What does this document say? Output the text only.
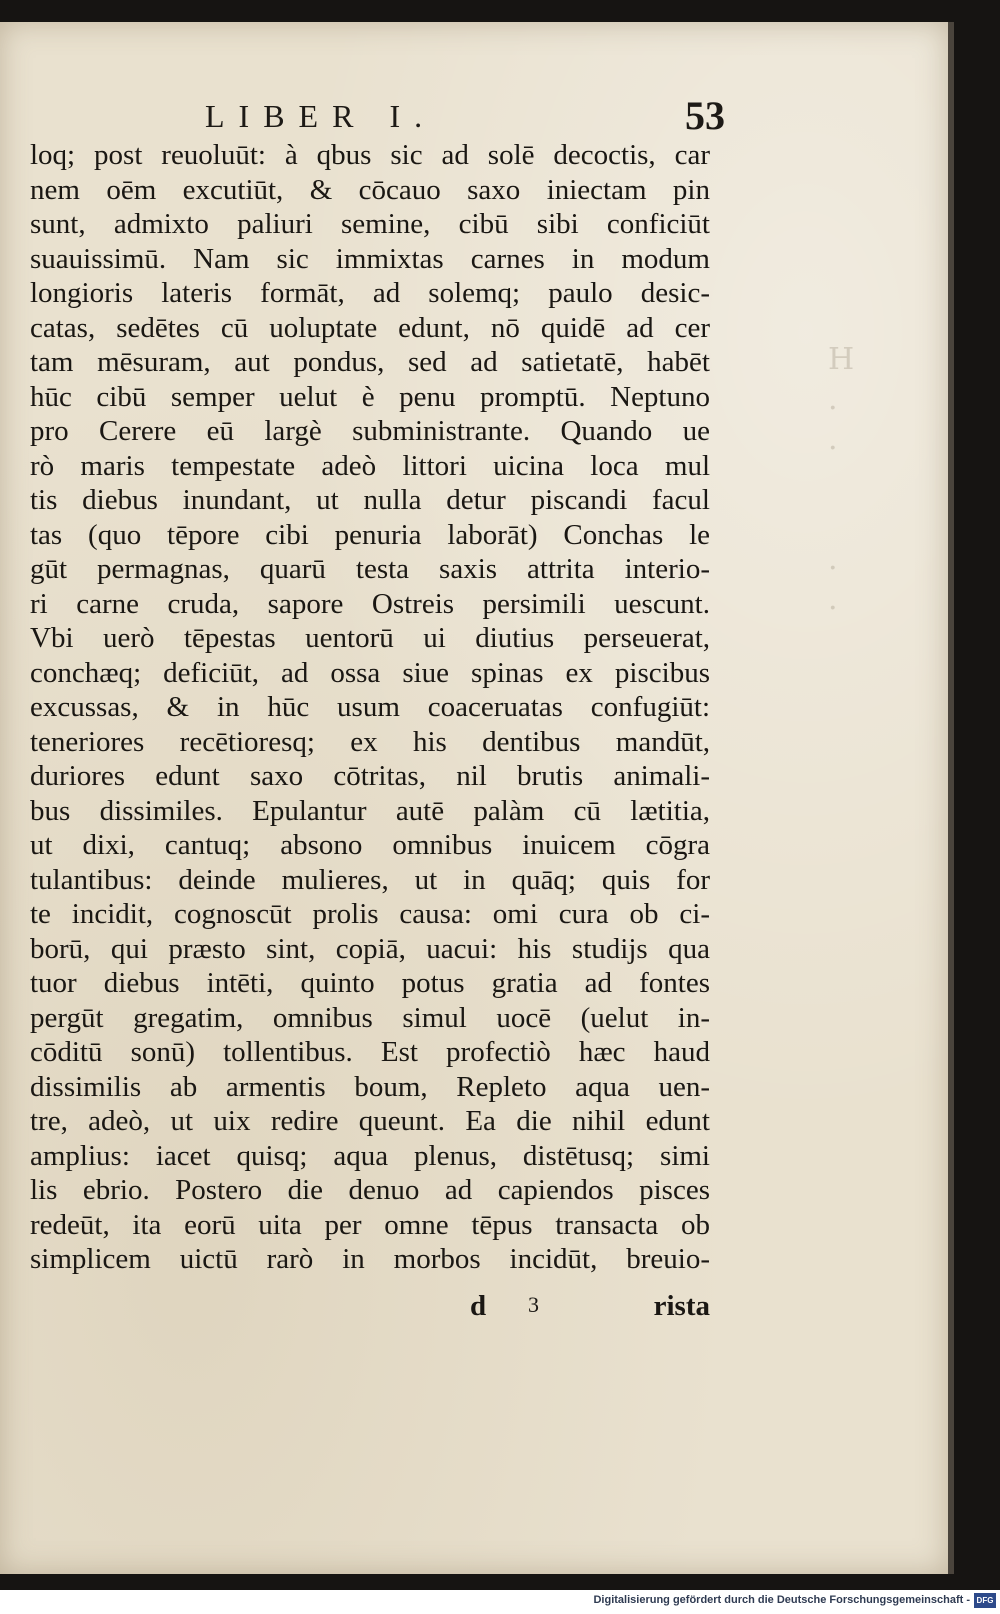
H
.
.

.
.
LIBER I.	53
loq; post reuoluūt: à qbus sic ad solē decoctis, car
nem oēm excutiūt, & cōcauo saxo iniectam pin
sunt, admixto paliuri semine, cibū sibi conficiūt
suauissimū. Nam sic immixtas carnes in modum
longioris lateris formāt, ad solemq; paulo desic-
catas, sedētes cū uoluptate edunt, nō quidē ad cer
tam mēsuram, aut pondus, sed ad satietatē, habēt
hūc cibū semper uelut è penu promptū. Neptuno
pro Cerere eū largè subministrante. Quando ue
rò maris tempestate adeò littori uicina loca mul
tis diebus inundant, ut nulla detur piscandi facul
tas (quo tēpore cibi penuria laborāt) Conchas le
gūt permagnas, quarū testa saxis attrita interio-
ri carne cruda, sapore Ostreis persimili uescunt.
Vbi uerò tēpestas uentorū ui diutius perseuerat,
conchæq; deficiūt, ad ossa siue spinas ex piscibus
excussas, & in hūc usum coaceruatas confugiūt:
teneriores recētioresq; ex his dentibus mandūt,
duriores edunt saxo cōtritas, nil brutis animali-
bus dissimiles. Epulantur autē palàm cū lætitia,
ut dixi, cantuq; absono omnibus inuicem cōgra
tulantibus: deinde mulieres, ut in quāq; quis for
te incidit, cognoscūt prolis causa: omi cura ob ci-
borū, qui præsto sint, copiā, uacui: his studijs qua
tuor diebus intēti, quinto potus gratia ad fontes
pergūt gregatim, omnibus simul uocē (uelut in-
cōditū sonū) tollentibus. Est profectiò hæc haud
dissimilis ab armentis boum, Repleto aqua uen-
tre, adeò, ut uix redire queunt. Ea die nihil edunt
amplius: iacet quisq; aqua plenus, distētusq; simi
lis ebrio. Postero die denuo ad capiendos pisces
redeūt, ita eorū uita per omne tēpus transacta ob
simplicem uictū rarò in morbos incidūt, breuio-
d 3	rista
Digitalisierung gefördert durch die Deutsche Forschungsgemeinschaft - DFG
